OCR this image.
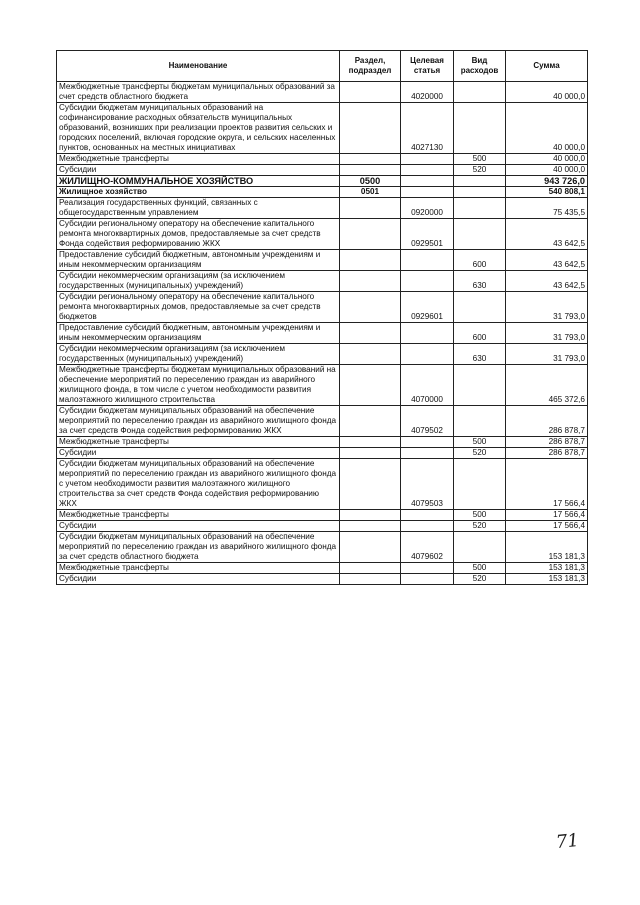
Наименование	Раздел, подраздел	Целевая статья	Вид расходов	Сумма
Межбюджетные трансферты бюджетам муниципальных образований за счет средств областного бюджета		4020000		40 000,0
Субсидии бюджетам муниципальных образований на софинансирование расходных обязательств муниципальных образований, возникших при реализации проектов развития сельских и городских поселений, включая городские округа, и сельских населенных пунктов, основанных на местных инициативах		4027130		40 000,0
Межбюджетные трансферты			500	40 000,0
Субсидии			520	40 000,0
ЖИЛИЩНО-КОММУНАЛЬНОЕ ХОЗЯЙСТВО	0500			943 726,0
Жилищное хозяйство	0501			540 808,1
Реализация государственных функций, связанных с общегосударственным управлением		0920000		75 435,5
Субсидии региональному оператору на обеспечение капитального ремонта многоквартирных домов, предоставляемые за счет средств Фонда содействия реформированию ЖКХ		0929501		43 642,5
Предоставление субсидий бюджетным, автономным учреждениям и иным некоммерческим организациям			600	43 642,5
Субсидии некоммерческим организациям (за исключением государственных (муниципальных) учреждений)			630	43 642,5
Субсидии региональному оператору на обеспечение капитального ремонта многоквартирных домов, предоставляемые за счет средств бюджетов		0929601		31 793,0
Предоставление субсидий бюджетным, автономным учреждениям и иным некоммерческим организациям			600	31 793,0
Субсидии некоммерческим организациям (за исключением государственных (муниципальных) учреждений)			630	31 793,0
Межбюджетные трансферты бюджетам муниципальных образований на обеспечение мероприятий по переселению граждан из аварийного жилищного фонда, в том числе с учетом необходимости развития малоэтажного жилищного строительства		4070000		465 372,6
Субсидии бюджетам муниципальных образований на обеспечение мероприятий по переселению граждан из аварийного жилищного фонда за счет средств Фонда содействия реформированию ЖКХ		4079502		286 878,7
Межбюджетные трансферты			500	286 878,7
Субсидии			520	286 878,7
Субсидии бюджетам муниципальных образований на обеспечение мероприятий по переселению граждан из аварийного жилищного фонда с учетом необходимости развития малоэтажного жилищного строительства за счет средств Фонда содействия реформированию ЖКХ		4079503		17 566,4
Межбюджетные трансферты			500	17 566,4
Субсидии			520	17 566,4
Субсидии бюджетам муниципальных образований на обеспечение мероприятий по переселению граждан из аварийного жилищного фонда за счет средств областного бюджета		4079602		153 181,3
Межбюджетные трансферты			500	153 181,3
Субсидии			520	153 181,3
71
